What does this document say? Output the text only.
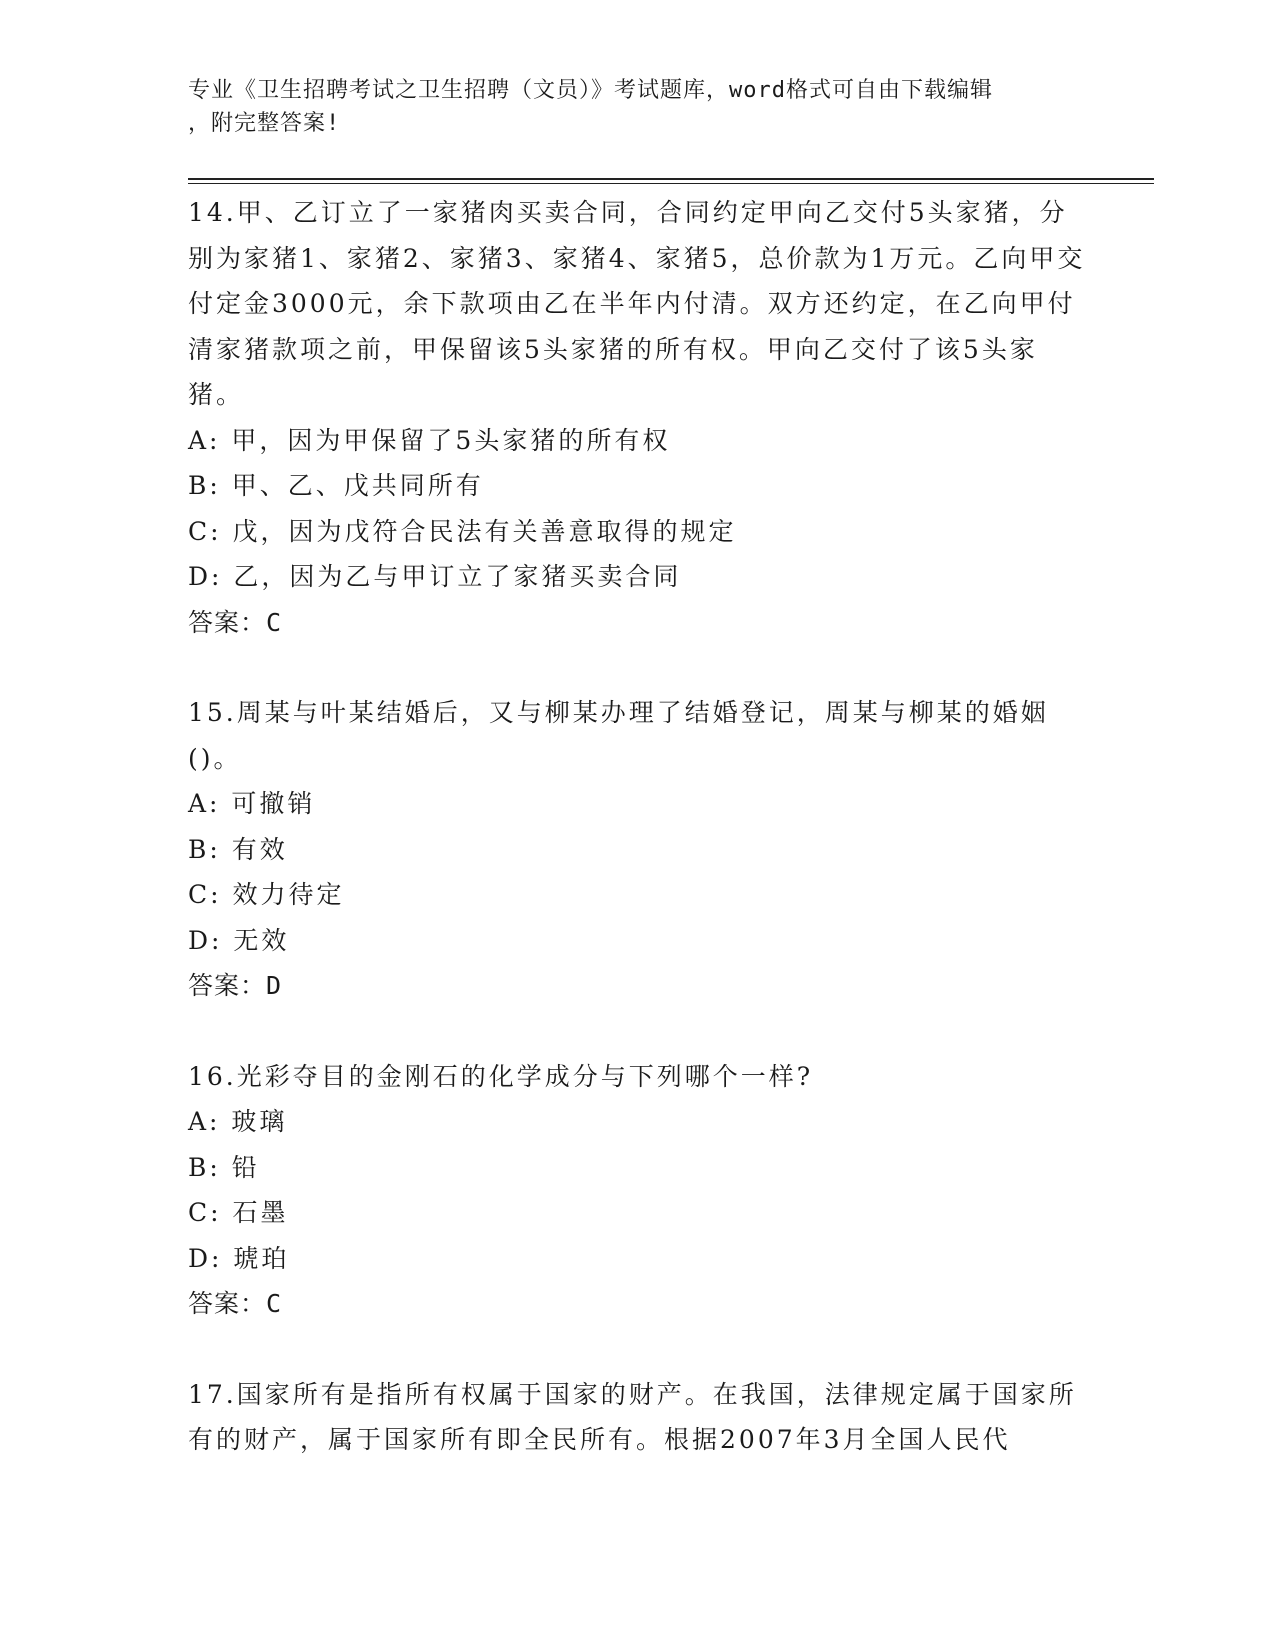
专业《卫生招聘考试之卫生招聘（文员）》考试题库，word格式可自由下载编辑
，附完整答案!
14.甲、乙订立了一家猪肉买卖合同，合同约定甲向乙交付5头家猪，分别为家猪1、家猪2、家猪3、家猪4、家猪5，总价款为1万元。乙向甲交付定金3000元，余下款项由乙在半年内付清。双方还约定，在乙向甲付清家猪款项之前，甲保留该5头家猪的所有权。甲向乙交付了该5头家猪。
A: 甲，因为甲保留了5头家猪的所有权
B: 甲、乙、戊共同所有
C: 戊，因为戊符合民法有关善意取得的规定
D: 乙，因为乙与甲订立了家猪买卖合同
答案：C
15.周某与叶某结婚后，又与柳某办理了结婚登记，周某与柳某的婚姻()。
A: 可撤销
B: 有效
C: 效力待定
D: 无效
答案：D
16.光彩夺目的金刚石的化学成分与下列哪个一样?
A: 玻璃
B: 铅
C: 石墨
D: 琥珀
答案：C
17.国家所有是指所有权属于国家的财产。在我国，法律规定属于国家所有的财产，属于国家所有即全民所有。根据2007年3月全国人民代
